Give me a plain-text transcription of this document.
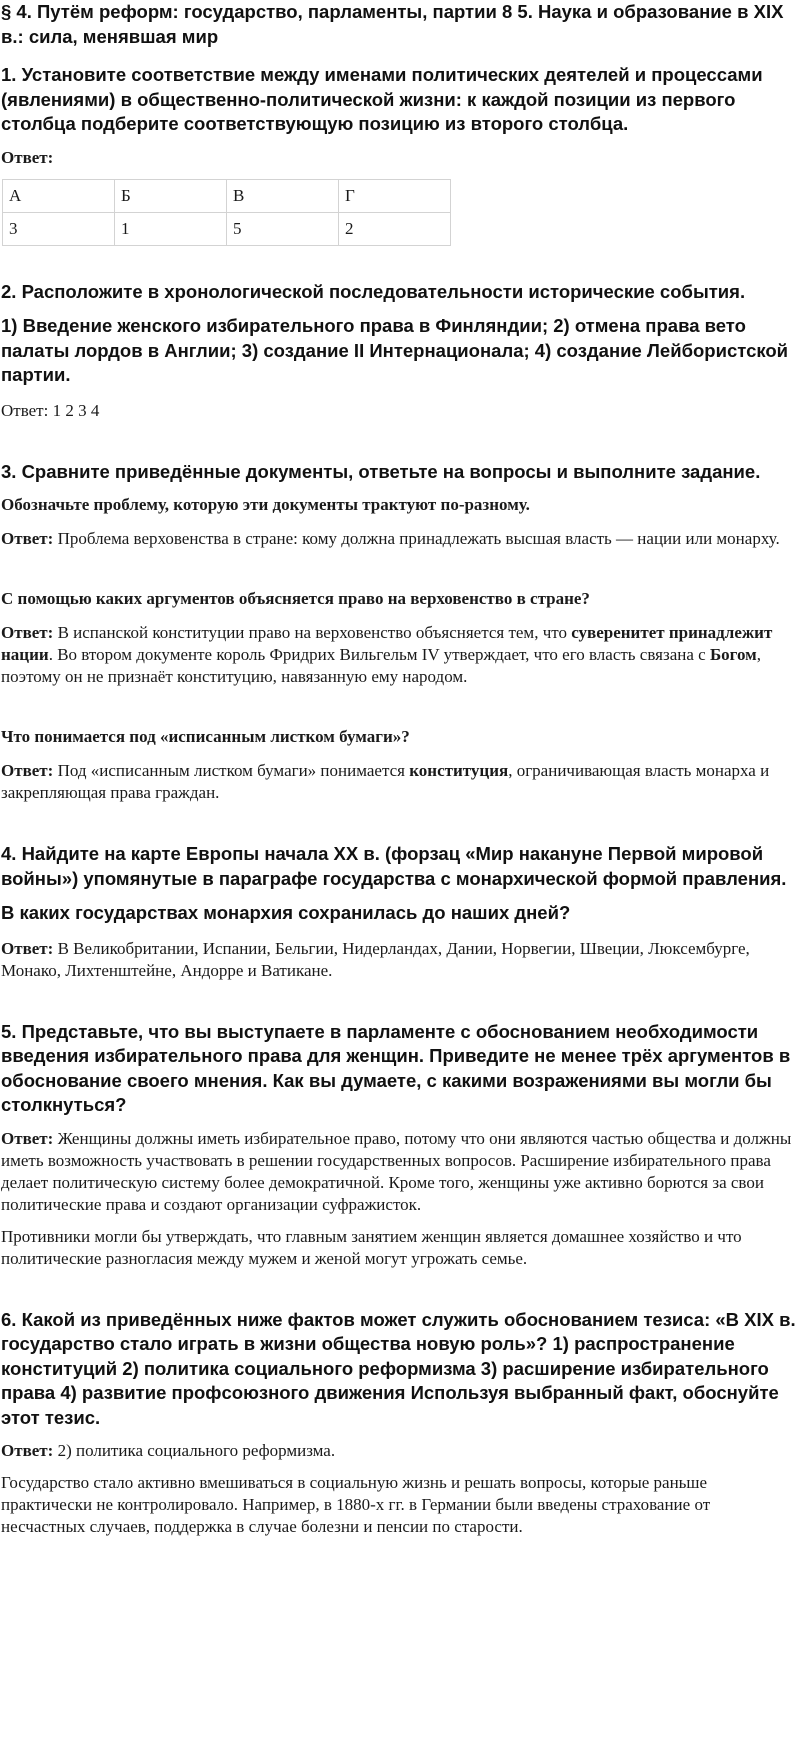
§ 4. Путём реформ: государство, парламенты, партии 8 5. Наука и образование в XIX в.: сила, менявшая мир

1. Установите соответствие между именами политических деятелей и процессами (явлениями) в общественно-политической жизни: к каждой позиции из первого столбца подберите соответствующую позицию из второго столбца.

Ответ:

А	Б	В	Г
3	1	5	2

2. Расположите в хронологической последовательности исторические события.

1) Введение женского избирательного права в Финляндии; 2) отмена права вето палаты лордов в Англии; 3) создание II Интернационала; 4) создание Лейбористской партии.

Ответ: 1 2 3 4

3. Сравните приведённые документы, ответьте на вопросы и выполните задание.

Обозначьте проблему, которую эти документы трактуют по-разному.

Ответ: Проблема верховенства в стране: кому должна принадлежать высшая власть — нации или монарху.

С помощью каких аргументов объясняется право на верховенство в стране?

Ответ: В испанской конституции право на верховенство объясняется тем, что суверенитет принадлежит нации. Во втором документе король Фридрих Вильгельм IV утверждает, что его власть связана с Богом, поэтому он не признаёт конституцию, навязанную ему народом.

Что понимается под «исписанным листком бумаги»?

Ответ: Под «исписанным листком бумаги» понимается конституция, ограничивающая власть монарха и закрепляющая права граждан.

4. Найдите на карте Европы начала XX в. (форзац «Мир накануне Первой мировой войны») упомянутые в параграфе государства с монархической формой правления.

В каких государствах монархия сохранилась до наших дней?

Ответ: В Великобритании, Испании, Бельгии, Нидерландах, Дании, Норвегии, Швеции, Люксембурге, Монако, Лихтенштейне, Андорре и Ватикане.

5. Представьте, что вы выступаете в парламенте с обоснованием необходимости введения избирательного права для женщин. Приведите не менее трёх аргументов в обоснование своего мнения. Как вы думаете, с какими возражениями вы могли бы столкнуться?

Ответ: Женщины должны иметь избирательное право, потому что они являются частью общества и должны иметь возможность участвовать в решении государственных вопросов. Расширение избирательного права делает политическую систему более демократичной. Кроме того, женщины уже активно борются за свои политические права и создают организации суфражисток.

Противники могли бы утверждать, что главным занятием женщин является домашнее хозяйство и что политические разногласия между мужем и женой могут угрожать семье.

6. Какой из приведённых ниже фактов может служить обоснованием тезиса: «В XIX в. государство стало играть в жизни общества новую роль»? 1) распространение конституций 2) политика социального реформизма 3) расширение избирательного права 4) развитие профсоюзного движения Используя выбранный факт, обоснуйте этот тезис.

Ответ: 2) политика социального реформизма.

Государство стало активно вмешиваться в социальную жизнь и решать вопросы, которые раньше практически не контролировало. Например, в 1880-х гг. в Германии были введены страхование от несчастных случаев, поддержка в случае болезни и пенсии по старости.
